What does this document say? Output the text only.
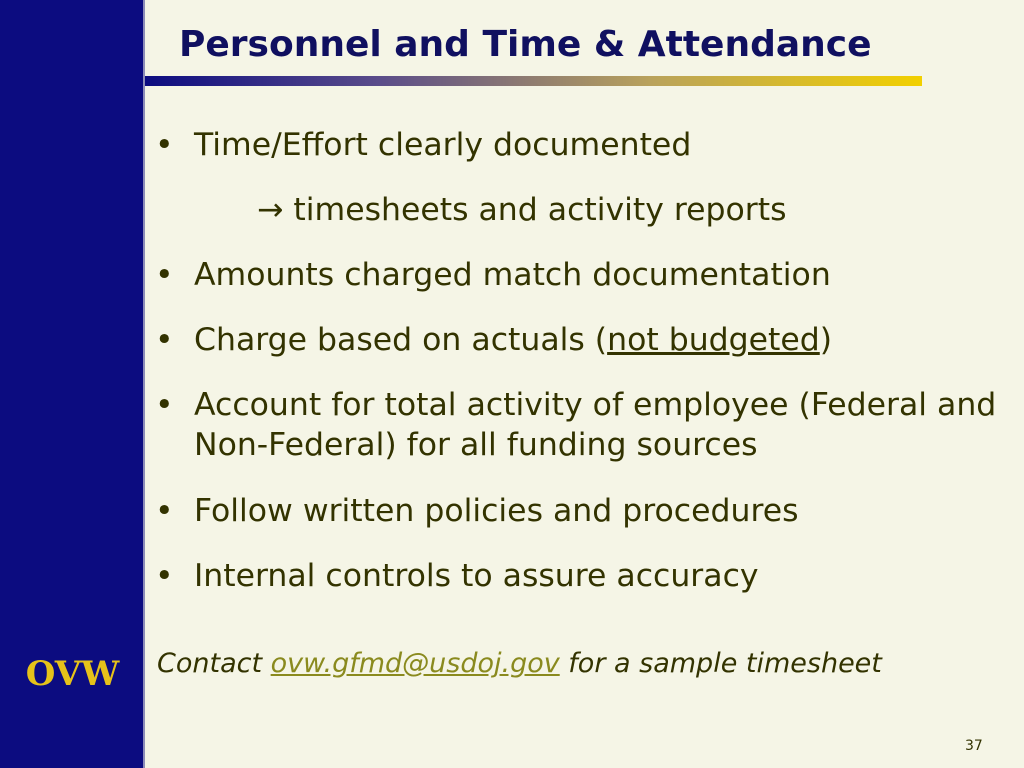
OVW
Personnel and Time & Attendance
• Time/Effort clearly documented
→ timesheets and activity reports
• Amounts charged match documentation
• Charge based on actuals (not budgeted)
• Account for total activity of employee (Federal and Non-Federal) for all funding sources
• Follow written policies and procedures
• Internal controls to assure accuracy
Contact ovw.gfmd@usdoj.gov for a sample timesheet
37
